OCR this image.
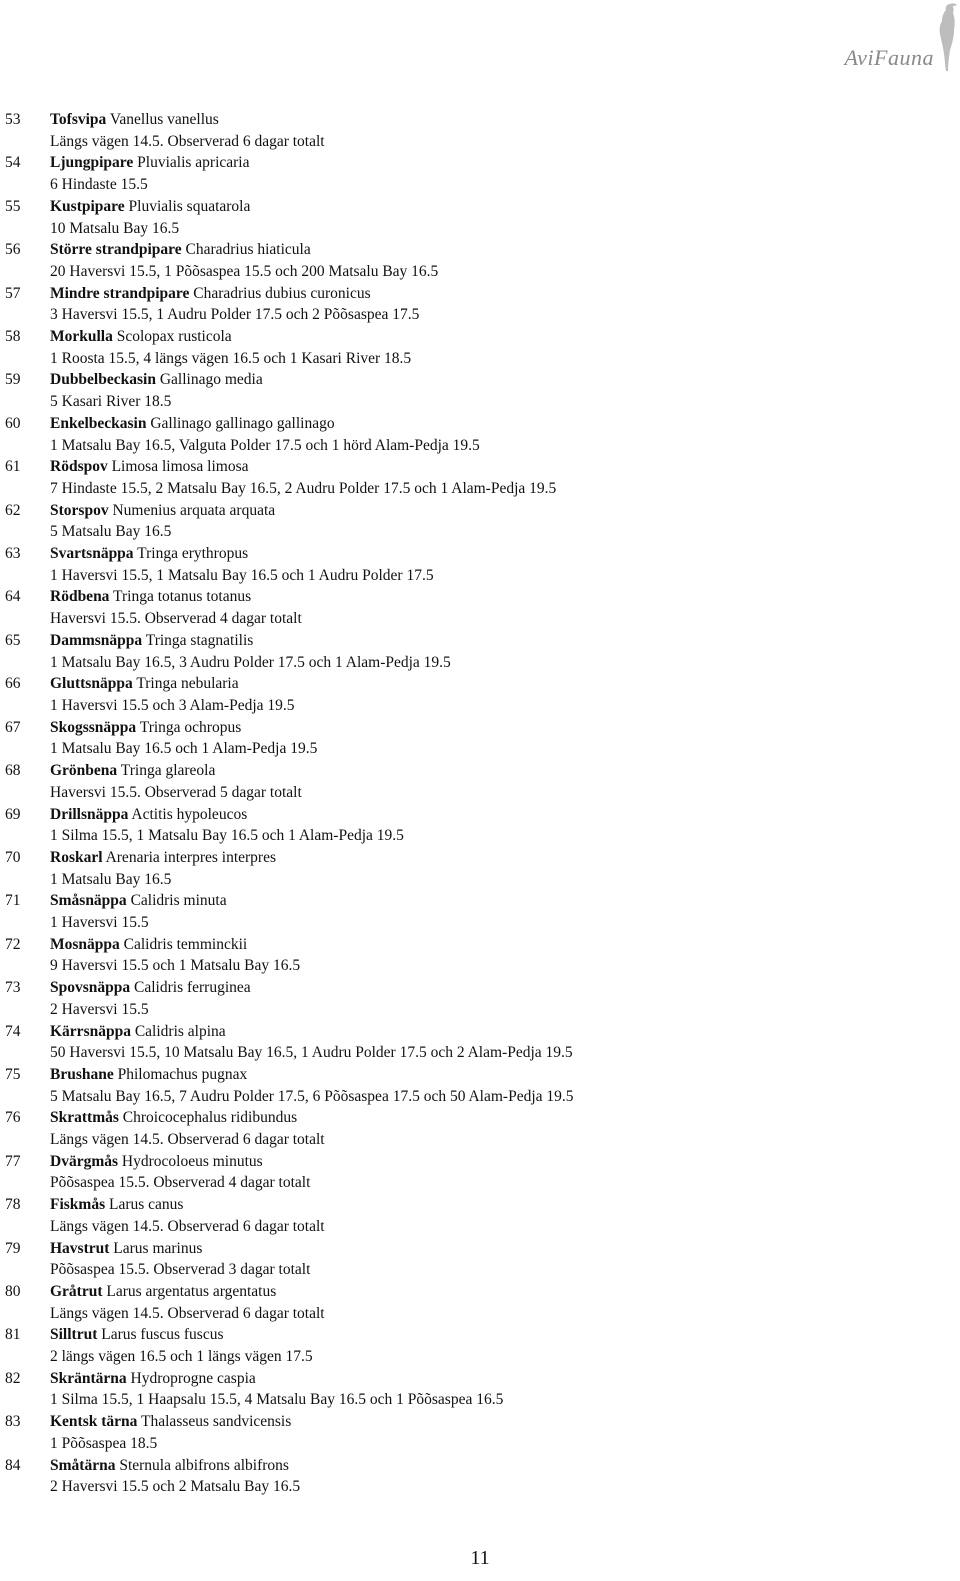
AviFauna
53 Tofsvipa Vanellus vanellus
Längs vägen 14.5. Observerad 6 dagar totalt
54 Ljungpipare Pluvialis apricaria
6 Hindaste 15.5
55 Kustpipare Pluvialis squatarola
10 Matsalu Bay 16.5
56 Större strandpipare Charadrius hiaticula
20 Haversvi 15.5, 1 Põõsaspea 15.5 och 200 Matsalu Bay 16.5
57 Mindre strandpipare Charadrius dubius curonicus
3 Haversvi 15.5, 1 Audru Polder 17.5 och 2 Põõsaspea 17.5
58 Morkulla Scolopax rusticola
1 Roosta 15.5, 4 längs vägen 16.5 och 1 Kasari River 18.5
59 Dubbelbeckasin Gallinago media
5 Kasari River 18.5
60 Enkelbeckasin Gallinago gallinago gallinago
1 Matsalu Bay 16.5, Valguta Polder 17.5 och 1 hörd Alam-Pedja 19.5
61 Rödspov Limosa limosa limosa
7 Hindaste 15.5, 2 Matsalu Bay 16.5, 2 Audru Polder 17.5 och 1 Alam-Pedja 19.5
62 Storspov Numenius arquata arquata
5 Matsalu Bay 16.5
63 Svartsnäppa Tringa erythropus
1 Haversvi 15.5, 1 Matsalu Bay 16.5 och 1 Audru Polder 17.5
64 Rödbena Tringa totanus totanus
Haversvi 15.5. Observerad 4 dagar totalt
65 Dammsnäppa Tringa stagnatilis
1 Matsalu Bay 16.5, 3 Audru Polder 17.5 och 1 Alam-Pedja 19.5
66 Gluttsnäppa Tringa nebularia
1 Haversvi 15.5 och 3 Alam-Pedja 19.5
67 Skogssnäppa Tringa ochropus
1 Matsalu Bay 16.5 och 1 Alam-Pedja 19.5
68 Grönbena Tringa glareola
Haversvi 15.5. Observerad 5 dagar totalt
69 Drillsnäppa Actitis hypoleucos
1 Silma 15.5, 1 Matsalu Bay 16.5 och 1 Alam-Pedja 19.5
70 Roskarl Arenaria interpres interpres
1 Matsalu Bay 16.5
71 Småsnäppa Calidris minuta
1 Haversvi 15.5
72 Mosnäppa Calidris temminckii
9 Haversvi 15.5 och 1 Matsalu Bay 16.5
73 Spovsnäppa Calidris ferruginea
2 Haversvi 15.5
74 Kärrsnäppa Calidris alpina
50 Haversvi 15.5, 10 Matsalu Bay 16.5, 1 Audru Polder 17.5 och 2 Alam-Pedja 19.5
75 Brushane Philomachus pugnax
5 Matsalu Bay 16.5, 7 Audru Polder 17.5, 6 Põõsaspea 17.5 och 50 Alam-Pedja 19.5
76 Skrattmås Chroicocephalus ridibundus
Längs vägen 14.5. Observerad 6 dagar totalt
77 Dvärgmås Hydrocoloeus minutus
Põõsaspea 15.5. Observerad 4 dagar totalt
78 Fiskmås Larus canus
Längs vägen 14.5. Observerad 6 dagar totalt
79 Havstrut Larus marinus
Põõsaspea 15.5. Observerad 3 dagar totalt
80 Gråtrut Larus argentatus argentatus
Längs vägen 14.5. Observerad 6 dagar totalt
81 Silltrut Larus fuscus fuscus
2 längs vägen 16.5 och 1 längs vägen 17.5
82 Skräntärna Hydroprogne caspia
1 Silma 15.5, 1 Haapsalu 15.5, 4 Matsalu Bay 16.5 och 1 Põõsaspea 16.5
83 Kentsk tärna Thalasseus sandvicensis
1 Põõsaspea 18.5
84 Småtärna Sternula albifrons albifrons
2 Haversvi 15.5 och 2 Matsalu Bay 16.5
11
